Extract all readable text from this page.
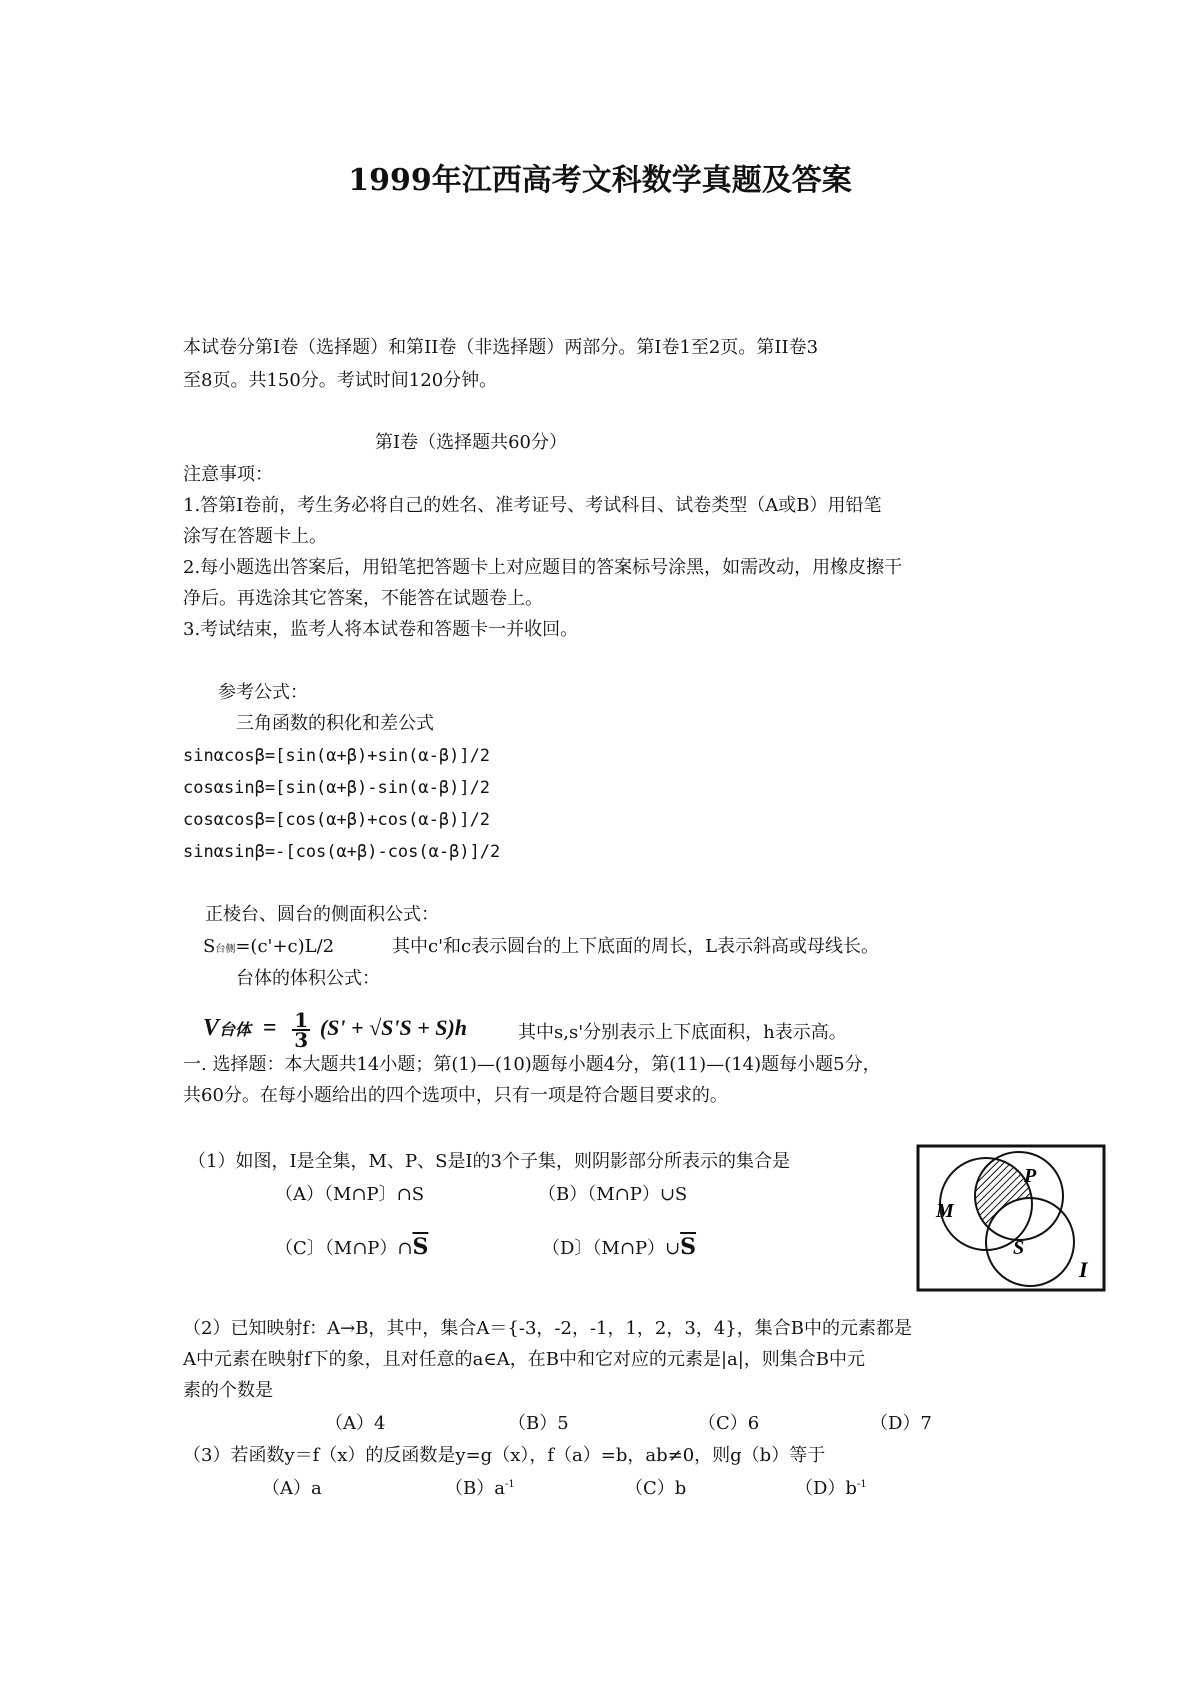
1999年江西高考文科数学真题及答案
本试卷分第Ⅰ卷（选择题）和第II卷（非选择题）两部分。第Ⅰ卷1至2页。第II卷3
至8页。共150分。考试时间120分钟。
第Ⅰ卷（选择题共60分）
注意事项：
1.答第Ⅰ卷前，考生务必将自己的姓名、准考证号、考试科目、试卷类型（A或B）用铅笔
涂写在答题卡上。
2.每小题选出答案后，用铅笔把答题卡上对应题目的答案标号涂黑，如需改动，用橡皮擦干
净后。再选涂其它答案，不能答在试题卷上。
3.考试结束，监考人将本试卷和答题卡一并收回。
参考公式：
三角函数的积化和差公式
sinαcosβ=[sin(α+β)+sin(α-β)]/2
cosαsinβ=[sin(α+β)-sin(α-β)]/2
cosαcosβ=[cos(α+β)+cos(α-β)]/2
sinαsinβ=-[cos(α+β)-cos(α-β)]/2
正棱台、圆台的侧面积公式：
S台侧=(c'+c)L/2	其中c'和c表示圆台的上下底面的周长，L表示斜高或母线长。
台体的体积公式：
V台体 = $\frac{1}{3} (S' + √S'S + S)h$	其中s,s'分别表示上下底面积，h表示高。
一. 选择题：本大题共14小题；第(1)—(10)题每小题4分，第(11)—(14)题每小题5分，
共60分。在每小题给出的四个选项中，只有一项是符合题目要求的。
（1）如图，I是全集，M、P、S是I的3个子集，则阴影部分所表示的集合是
（A）（M∩P〕∩S	（B）（M∩P）∪S
（C〕$(M\cap P)\cap\overline{S}$	（D〕$(M\cap P)\cup\overline{S}$
M
P
S
I
（2）已知映射f：A→B，其中，集合A＝{-3，-2，-1，1，2，3，4}，集合B中的元素都是
A中元素在映射f下的象，且对任意的a∈A，在B中和它对应的元素是|a|，则集合B中元
素的个数是
（A）4	（B）5	（C）6	（D）7
（3）若函数y＝f（x）的反函数是y=g（x），f（a）=b，ab≠0，则g（b）等于
（A）a	$(B)a^{-1}$	（C）b	$(D)b^{-1}$
